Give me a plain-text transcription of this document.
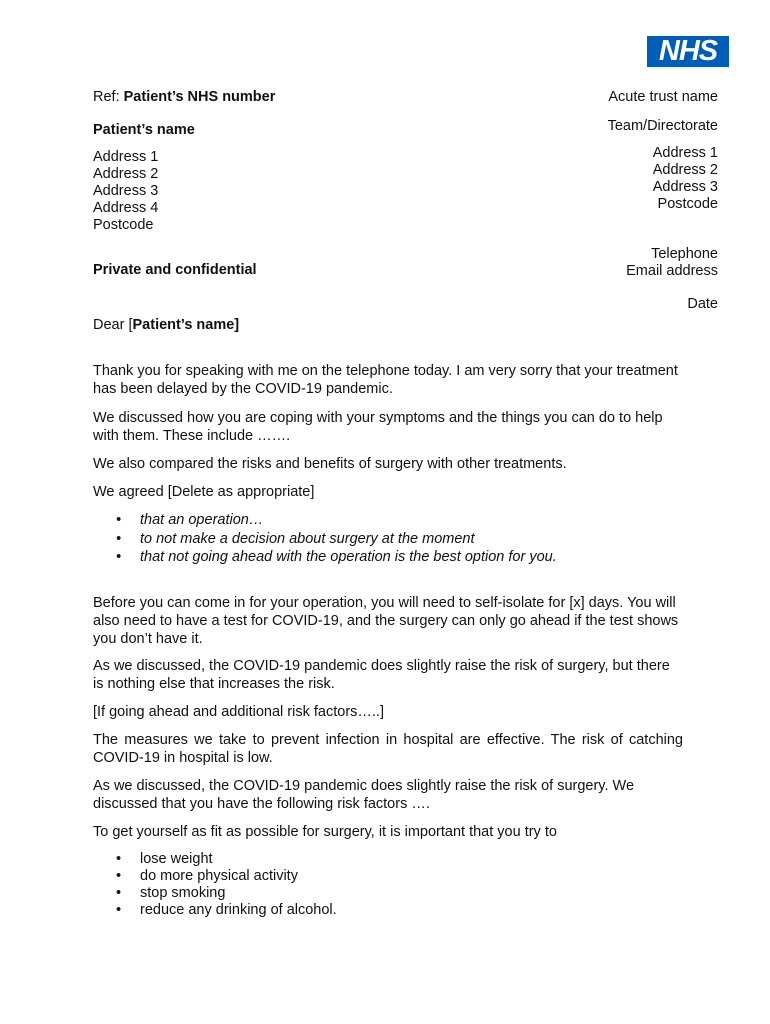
NHS
Ref: Patient’s NHS number
Patient’s name
Address 1
Address 2
Address 3
Address 4
Postcode
Private and confidential
Acute trust name
Team/Directorate
Address 1
Address 2
Address 3
Postcode
Telephone
Email address
Date
Dear [Patient’s name]

Thank you for speaking with me on the telephone today. I am very sorry that your treatment has been delayed by the COVID-19 pandemic.

We discussed how you are coping with your symptoms and the things you can do to help with them. These include …….

We also compared the risks and benefits of surgery with other treatments.

We agreed [Delete as appropriate]

• that an operation…
• to not make a decision about surgery at the moment
• that not going ahead with the operation is the best option for you.

Before you can come in for your operation, you will need to self-isolate for [x] days. You will also need to have a test for COVID-19, and the surgery can only go ahead if the test shows you don’t have it.

As we discussed, the COVID-19 pandemic does slightly raise the risk of surgery, but there is nothing else that increases the risk.

[If going ahead and additional risk factors…..]

The measures we take to prevent infection in hospital are effective. The risk of catching COVID-19 in hospital is low.

As we discussed, the COVID-19 pandemic does slightly raise the risk of surgery. We discussed that you have the following risk factors ….

To get yourself as fit as possible for surgery, it is important that you try to

• lose weight
• do more physical activity
• stop smoking
• reduce any drinking of alcohol.
